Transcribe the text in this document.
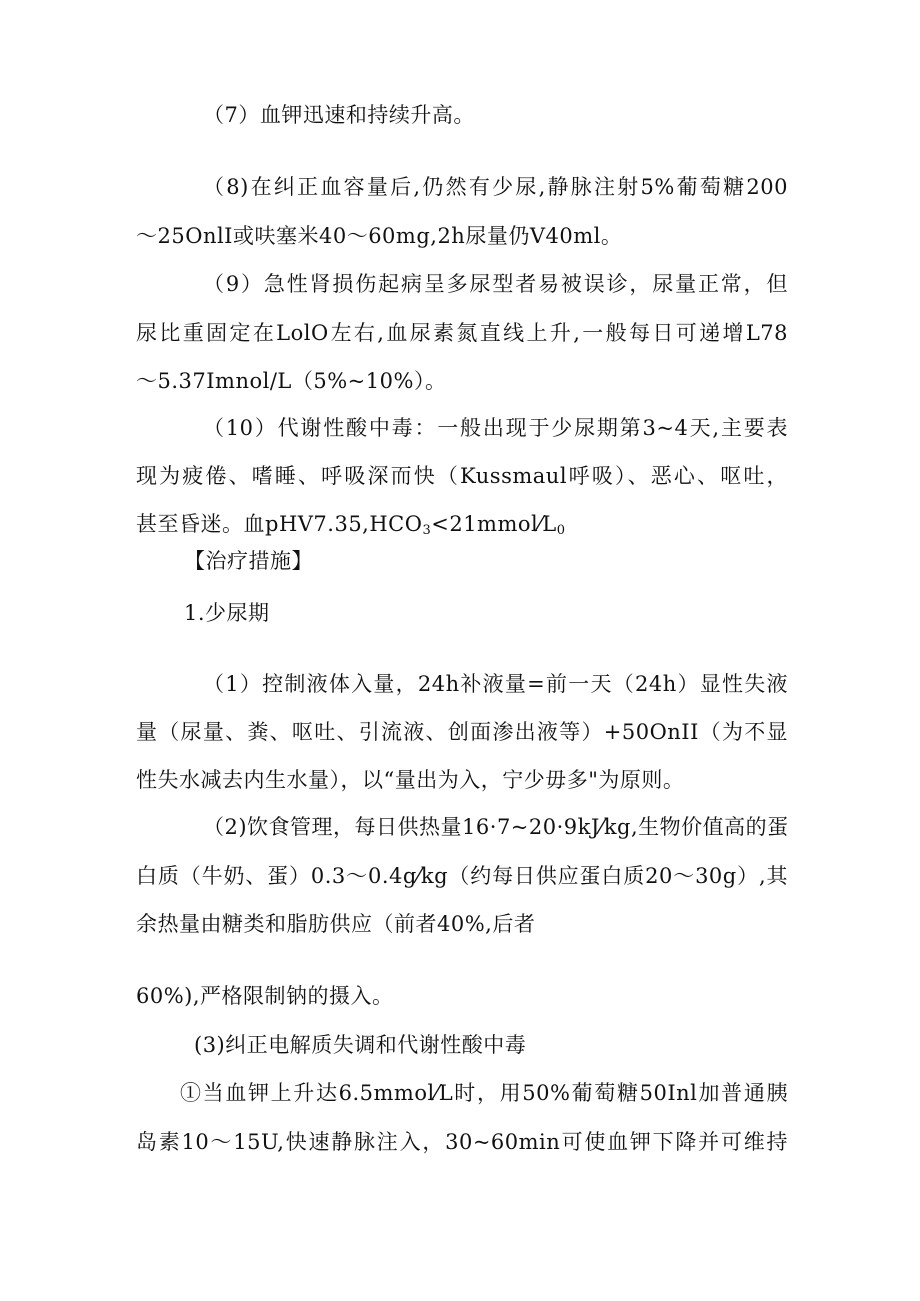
（7）血钾迅速和持续升高。
（8)在纠正血容量后,仍然有少尿,静脉注射5%葡萄糖200
～25OnlI或呋塞米40～60mg,2h尿量仍V40ml。
（9）急性肾损伤起病呈多尿型者易被误诊，尿量正常，但
尿比重固定在LolO左右,血尿素氮直线上升,一般每日可递增L78
～5.37Imnol/L（5%~10%）。
（10）代谢性酸中毒：一般出现于少尿期第3~4天,主要表
现为疲倦、嗜睡、呼吸深而快（Kussmaul呼吸）、恶心、呕吐，
甚至昏迷。血$pHV7.35,HCO_3<21mmol⁄L_0$
【治疗措施】
1.少尿期
（1）控制液体入量，24h补液量=前一天（24h）显性失液
量（尿量、粪、呕吐、引流液、创面渗出液等）+50OnII（为不显
性失水减去内生水量），以“量出为入，宁少毋多"为原则。
（2)饮食管理，每日供热量16·7~20·9kJ⁄kg,生物价值高的蛋
白质（牛奶、蛋）0.3～0.4g⁄kg（约每日供应蛋白质20～30g）,其
余热量由糖类和脂肪供应（前者40%,后者
60%),严格限制钠的摄入。
(3)纠正电解质失调和代谢性酸中毒
①当血钾上升达6.5mmol⁄L时，用50%葡萄糖50Inl加普通胰
岛素10～15U,快速静脉注入，30~60min可使血钾下降并可维持
